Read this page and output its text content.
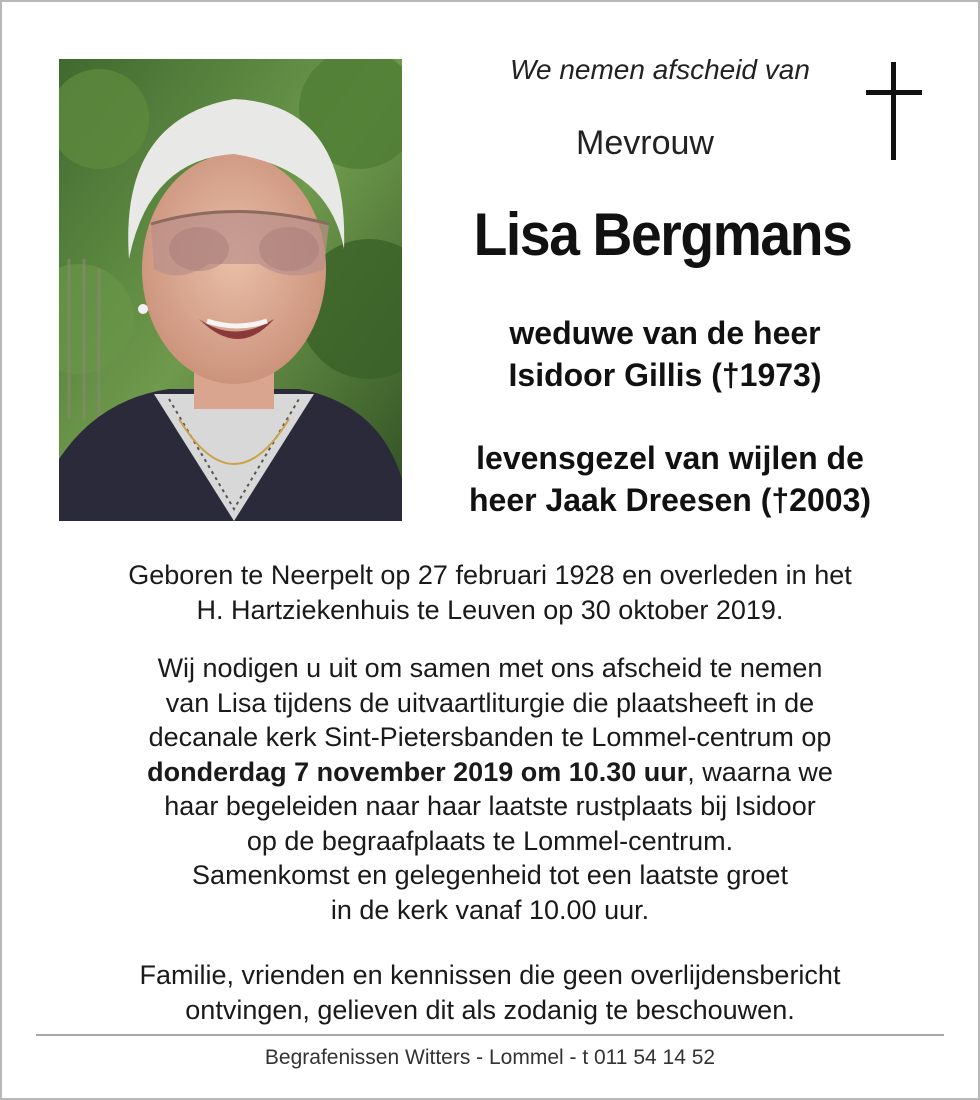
We nemen afscheid van
Mevrouw
Lisa Bergmans
weduwe van de heer
Isidoor Gillis (†1973)
levensgezel van wijlen de
heer Jaak Dreesen (†2003)
Geboren te Neerpelt op 27 februari 1928 en overleden in het
H. Hartziekenhuis te Leuven op 30 oktober 2019.
Wij nodigen u uit om samen met ons afscheid te nemen
van Lisa tijdens de uitvaartliturgie die plaatsheeft in de
decanale kerk Sint-Pietersbanden te Lommel-centrum op
donderdag 7 november 2019 om 10.30 uur, waarna we
haar begeleiden naar haar laatste rustplaats bij Isidoor
op de begraafplaats te Lommel-centrum.
Samenkomst en gelegenheid tot een laatste groet
in de kerk vanaf 10.00 uur.
Familie, vrienden en kennissen die geen overlijdensbericht
ontvingen, gelieven dit als zodanig te beschouwen.
Begrafenissen Witters - Lommel - t 011 54 14 52
